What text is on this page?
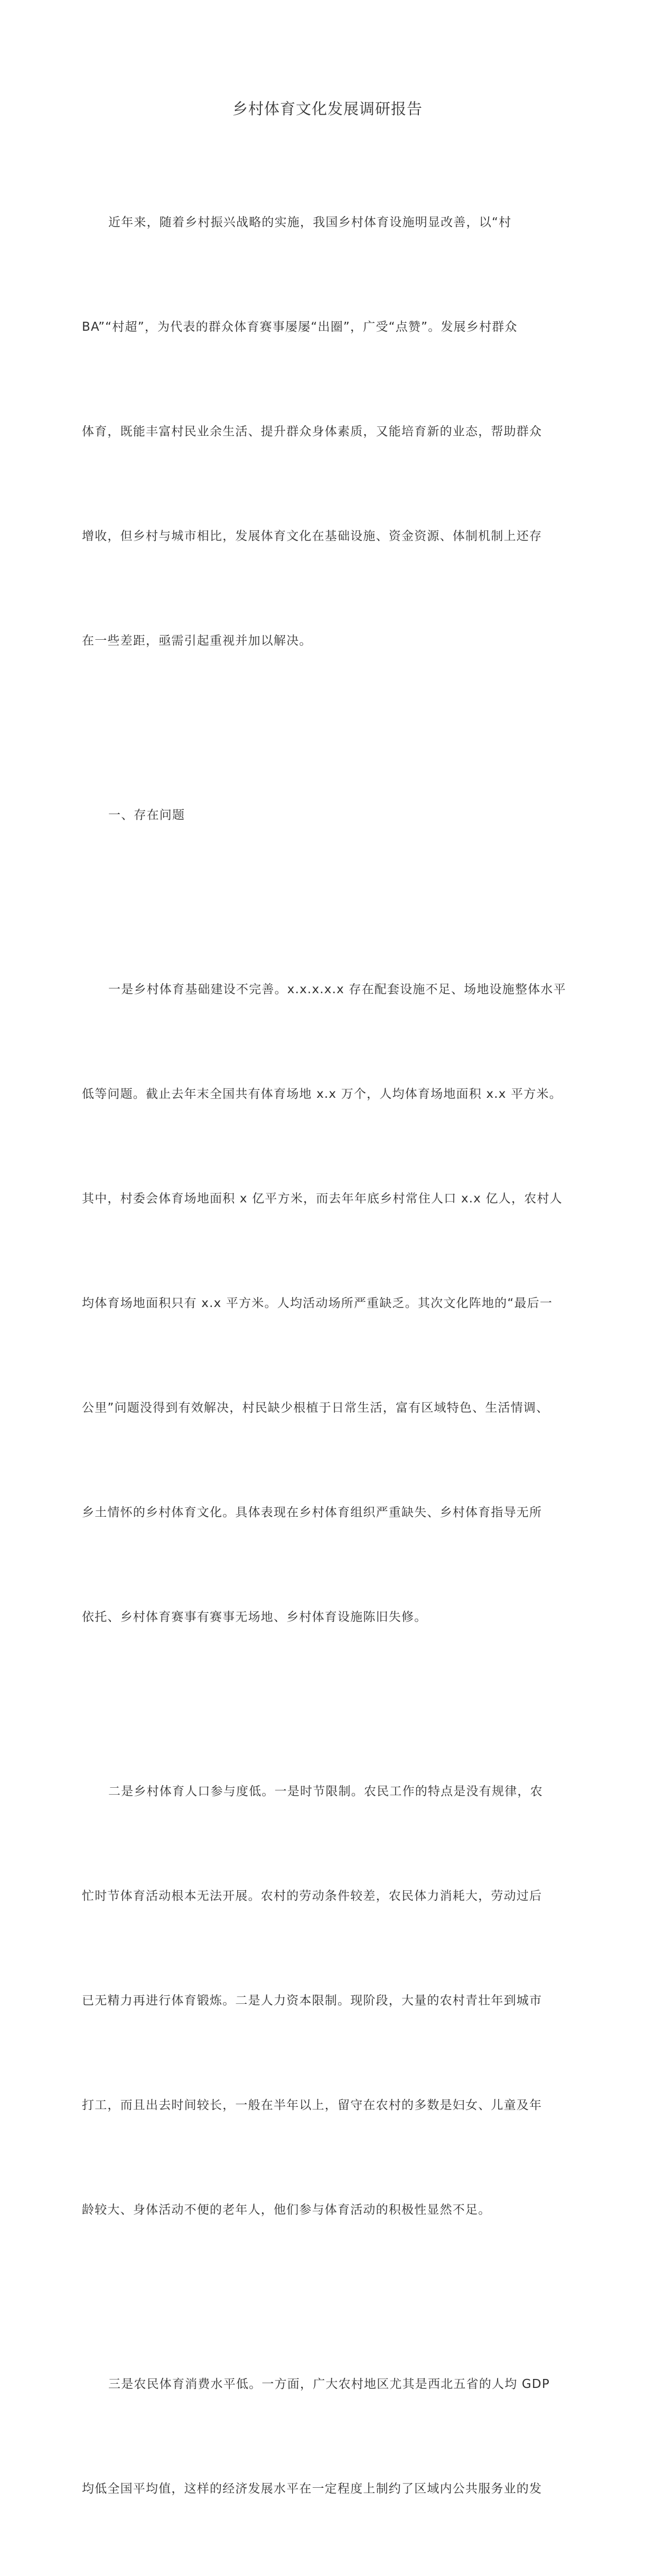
乡村体育文化发展调研报告

近年来，随着乡村振兴战略的实施，我国乡村体育设施明显改善，以“村

BA”“村超”，为代表的群众体育赛事屡屡“出圈”，广受“点赞”。发展乡村群众

体育，既能丰富村民业余生活、提升群众身体素质，又能培育新的业态，帮助群众

增收，但乡村与城市相比，发展体育文化在基础设施、资金资源、体制机制上还存

在一些差距，亟需引起重视并加以解决。

一、存在问题

一是乡村体育基础建设不完善。x.x.x.x.x 存在配套设施不足、场地设施整体水平

低等问题。截止去年末全国共有体育场地 x.x 万个，人均体育场地面积 x.x 平方米。

其中，村委会体育场地面积 x 亿平方米，而去年年底乡村常住人口 x.x 亿人，农村人

均体育场地面积只有 x.x 平方米。人均活动场所严重缺乏。其次文化阵地的“最后一

公里”问题没得到有效解决，村民缺少根植于日常生活，富有区域特色、生活情调、

乡土情怀的乡村体育文化。具体表现在乡村体育组织严重缺失、乡村体育指导无所

依托、乡村体育赛事有赛事无场地、乡村体育设施陈旧失修。

二是乡村体育人口参与度低。一是时节限制。农民工作的特点是没有规律，农

忙时节体育活动根本无法开展。农村的劳动条件较差，农民体力消耗大，劳动过后

已无精力再进行体育锻炼。二是人力资本限制。现阶段，大量的农村青壮年到城市

打工，而且出去时间较长，一般在半年以上，留守在农村的多数是妇女、儿童及年

龄较大、身体活动不便的老年人，他们参与体育活动的积极性显然不足。

三是农民体育消费水平低。一方面，广大农村地区尤其是西北五省的人均 GDP

均低全国平均值，这样的经济发展水平在一定程度上制约了区域内公共服务业的发
